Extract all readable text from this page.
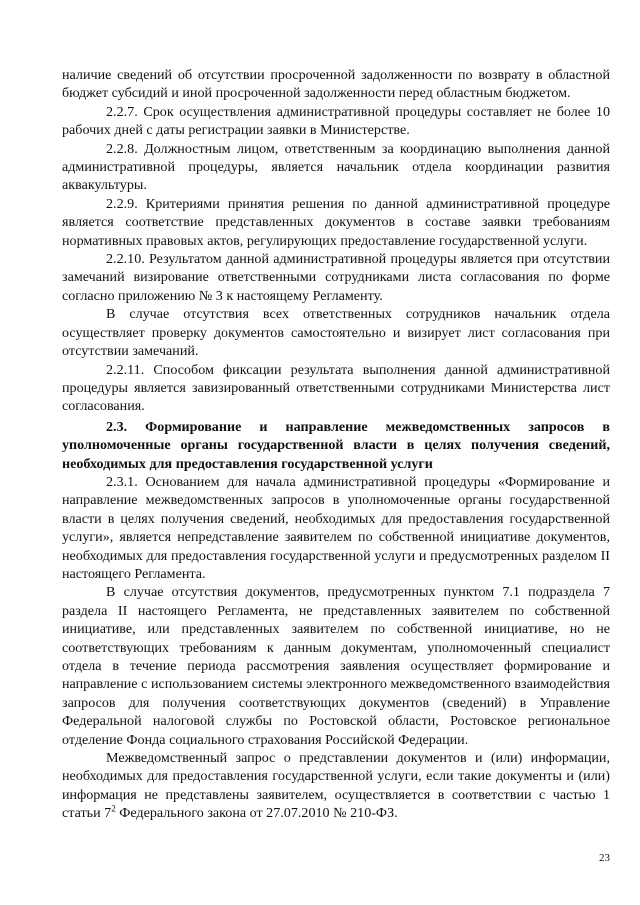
наличие сведений об отсутствии просроченной задолженности по возврату в областной бюджет субсидий и иной просроченной задолженности перед областным бюджетом.

2.2.7. Срок осуществления административной процедуры составляет не более 10 рабочих дней с даты регистрации заявки в Министерстве.

2.2.8. Должностным лицом, ответственным за координацию выполнения данной административной процедуры, является начальник отдела координации развития аквакультуры.

2.2.9. Критериями принятия решения по данной административной процедуре является соответствие представленных документов в составе заявки требованиям нормативных правовых актов, регулирующих предоставление государственной услуги.

2.2.10. Результатом данной административной процедуры является при отсутствии замечаний визирование ответственными сотрудниками листа согласования по форме согласно приложению № 3 к настоящему Регламенту.

В случае отсутствия всех ответственных сотрудников начальник отдела осуществляет проверку документов самостоятельно и визирует лист согласования при отсутствии замечаний.

2.2.11. Способом фиксации результата выполнения данной административной процедуры является завизированный ответственными сотрудниками Министерства лист согласования.

2.3. Формирование и направление межведомственных запросов в уполномоченные органы государственной власти в целях получения сведений, необходимых для предоставления государственной услуги

2.3.1. Основанием для начала административной процедуры «Формирование и направление межведомственных запросов в уполномоченные органы государственной власти в целях получения сведений, необходимых для предоставления государственной услуги», является непредставление заявителем по собственной инициативе документов, необходимых для предоставления государственной услуги и предусмотренных разделом II настоящего Регламента.

В случае отсутствия документов, предусмотренных пунктом 7.1 подраздела 7 раздела II настоящего Регламента, не представленных заявителем по собственной инициативе, или представленных заявителем по собственной инициативе, но не соответствующих требованиям к данным документам, уполномоченный специалист отдела в течение периода рассмотрения заявления осуществляет формирование и направление с использованием системы электронного межведомственного взаимодействия запросов для получения соответствующих документов (сведений) в Управление Федеральной налоговой службы по Ростовской области, Ростовское региональное отделение Фонда социального страхования Российской Федерации.

Межведомственный запрос о представлении документов и (или) информации, необходимых для предоставления государственной услуги, если такие документы и (или) информация не представлены заявителем, осуществляется в соответствии с частью 1 статьи $7^2$ Федерального закона от 27.07.2010 № 210-ФЗ.

23
